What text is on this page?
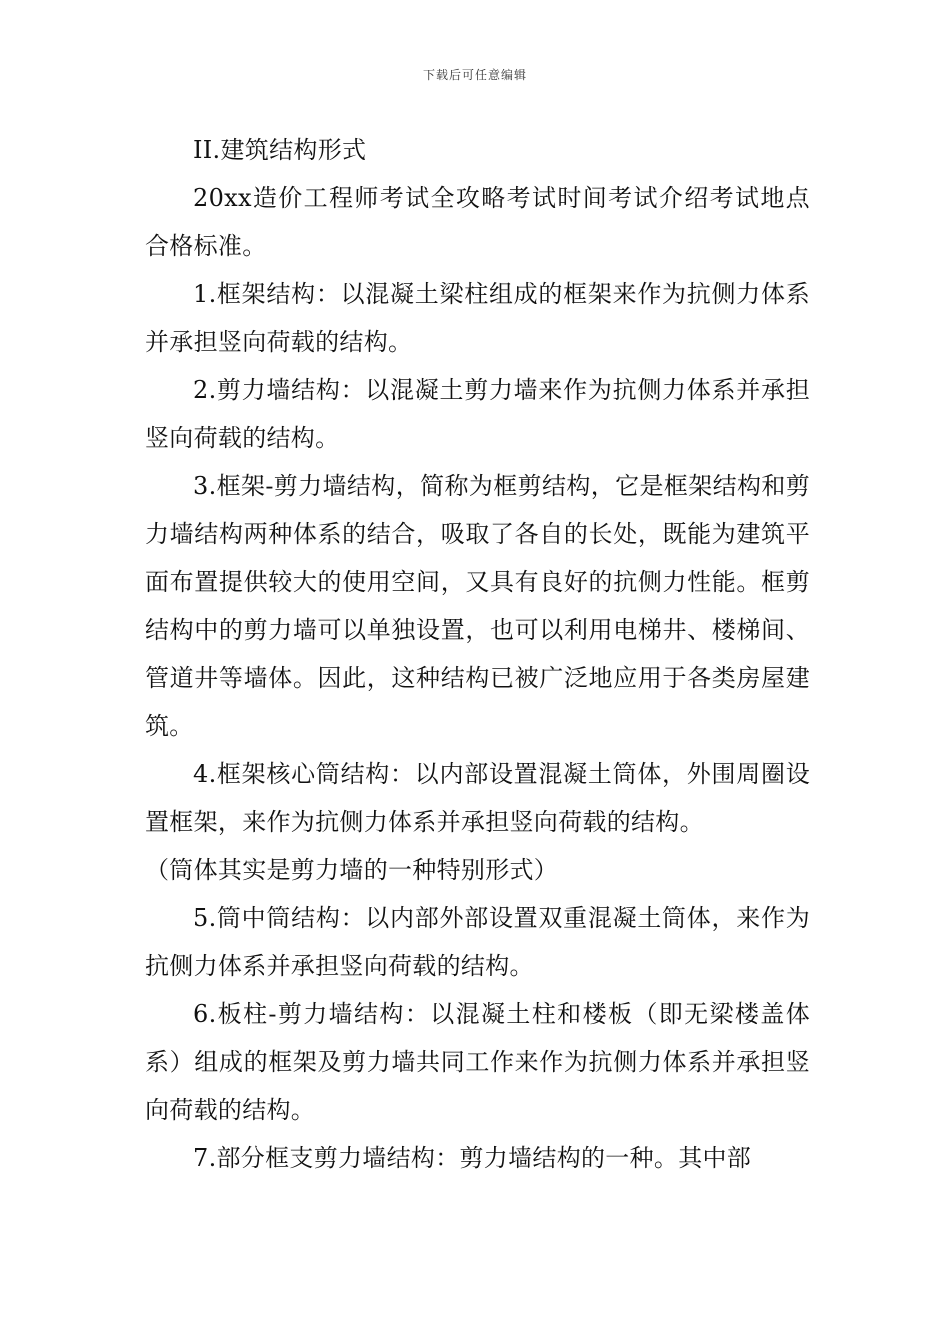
下载后可任意编辑

II.建筑结构形式

20xx造价工程师考试全攻略考试时间考试介绍考试地点合格标准。

1.框架结构：以混凝土梁柱组成的框架来作为抗侧力体系并承担竖向荷载的结构。

2.剪力墙结构：以混凝土剪力墙来作为抗侧力体系并承担竖向荷载的结构。

3.框架-剪力墙结构，简称为框剪结构，它是框架结构和剪力墙结构两种体系的结合，吸取了各自的长处，既能为建筑平面布置提供较大的使用空间，又具有良好的抗侧力性能。框剪结构中的剪力墙可以单独设置，也可以利用电梯井、楼梯间、管道井等墙体。因此，这种结构已被广泛地应用于各类房屋建筑。

4.框架核心筒结构：以内部设置混凝土筒体，外围周圈设置框架，来作为抗侧力体系并承担竖向荷载的结构。

（筒体其实是剪力墙的一种特别形式）

5.筒中筒结构：以内部外部设置双重混凝土筒体，来作为抗侧力体系并承担竖向荷载的结构。

6.板柱-剪力墙结构：以混凝土柱和楼板（即无梁楼盖体系）组成的框架及剪力墙共同工作来作为抗侧力体系并承担竖向荷载的结构。

7.部分框支剪力墙结构：剪力墙结构的一种。其中部
